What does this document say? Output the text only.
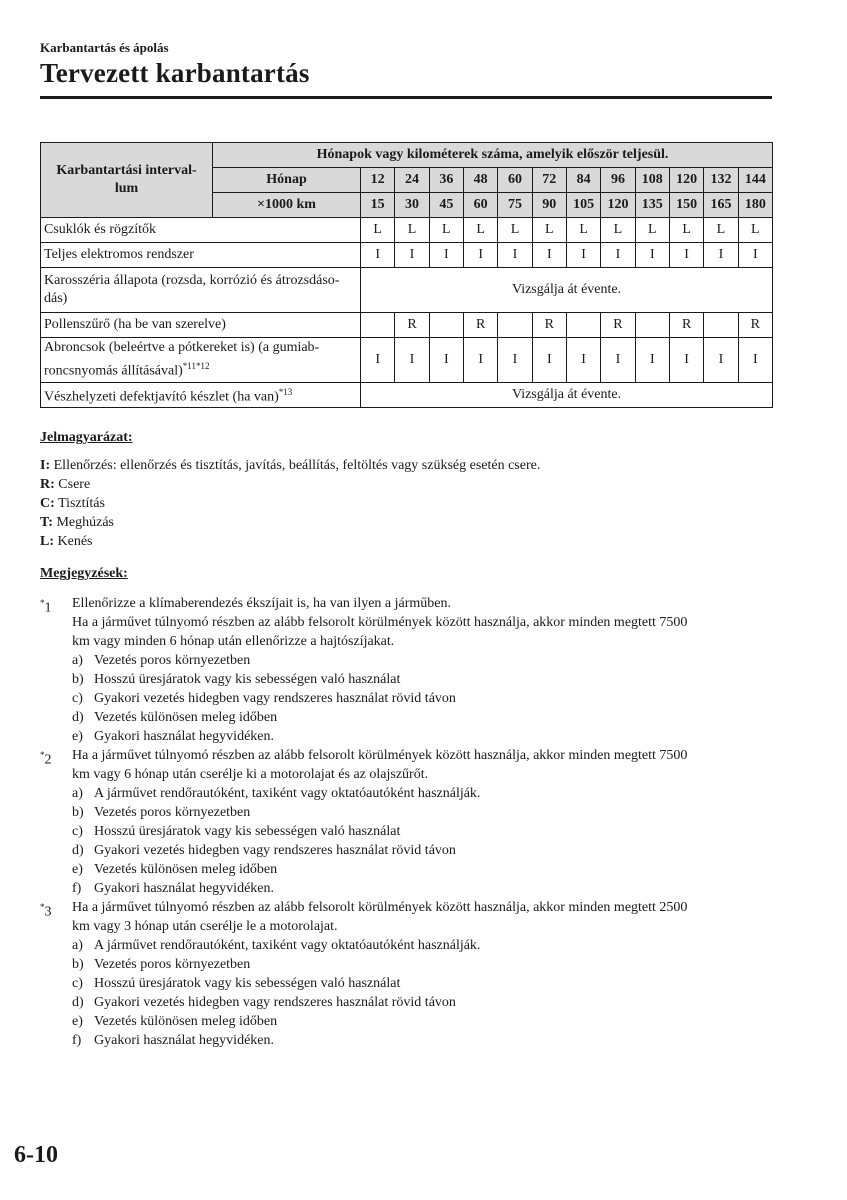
Karbantartás és ápolás
Tervezett karbantartás
Karbantartási interval-
lum	Hónapok vagy kilométerek száma, amelyik először teljesül.												
	Hónap	12	24	36	48	60	72	84	96	108	120	132	144
	×1000 km	15	30	45	60	75	90	105	120	135	150	165	180
Csuklók és rögzítők		L	L	L	L	L	L	L	L	L	L	L	L
Teljes elektromos rendszer		I	I	I	I	I	I	I	I	I	I	I	I

Karosszéria állapota (rozsda, korrózió és átrozsdáso-
dás)		Vizsgálja át évente.											
Pollenszűrő (ha be van szerelve)			R		R		R		R		R		R

Abroncsok (beleértve a pótkereket is) (a gumiab-
roncsnyomás állításával)$^{*11*12}$		I	I	I	I	I	I	I	I	I	I	I	I
Vészhelyzeti defektjavító készlet (ha van)$^{*13}$		Vizsgálja át évente.											
Jelmagyarázat:
I: Ellenőrzés: ellenőrzés és tisztítás, javítás, beállítás, feltöltés vagy szükség esetén csere.
R: Csere
C: Tisztítás
T: Meghúzás
L: Kenés
Megjegyzések:
*1 Ellenőrizze a klímaberendezés ékszíjait is, ha van ilyen a járműben.
Ha a járművet túlnyomó részben az alább felsorolt körülmények között használja, akkor minden megtett 7500
km vagy minden 6 hónap után ellenőrizze a hajtószíjakat.
a) Vezetés poros környezetben
b) Hosszú üresjáratok vagy kis sebességen való használat
c) Gyakori vezetés hidegben vagy rendszeres használat rövid távon
d) Vezetés különösen meleg időben
e) Gyakori használat hegyvidéken.
*2 Ha a járművet túlnyomó részben az alább felsorolt körülmények között használja, akkor minden megtett 7500
km vagy 6 hónap után cserélje ki a motorolajat és az olajszűrőt.
a) A járművet rendőrautóként, taxiként vagy oktatóautóként használják.
b) Vezetés poros környezetben
c) Hosszú üresjáratok vagy kis sebességen való használat
d) Gyakori vezetés hidegben vagy rendszeres használat rövid távon
e) Vezetés különösen meleg időben
f) Gyakori használat hegyvidéken.
*3 Ha a járművet túlnyomó részben az alább felsorolt körülmények között használja, akkor minden megtett 2500
km vagy 3 hónap után cserélje le a motorolajat.
a) A járművet rendőrautóként, taxiként vagy oktatóautóként használják.
b) Vezetés poros környezetben
c) Hosszú üresjáratok vagy kis sebességen való használat
d) Gyakori vezetés hidegben vagy rendszeres használat rövid távon
e) Vezetés különösen meleg időben
f) Gyakori használat hegyvidéken.
6-10
